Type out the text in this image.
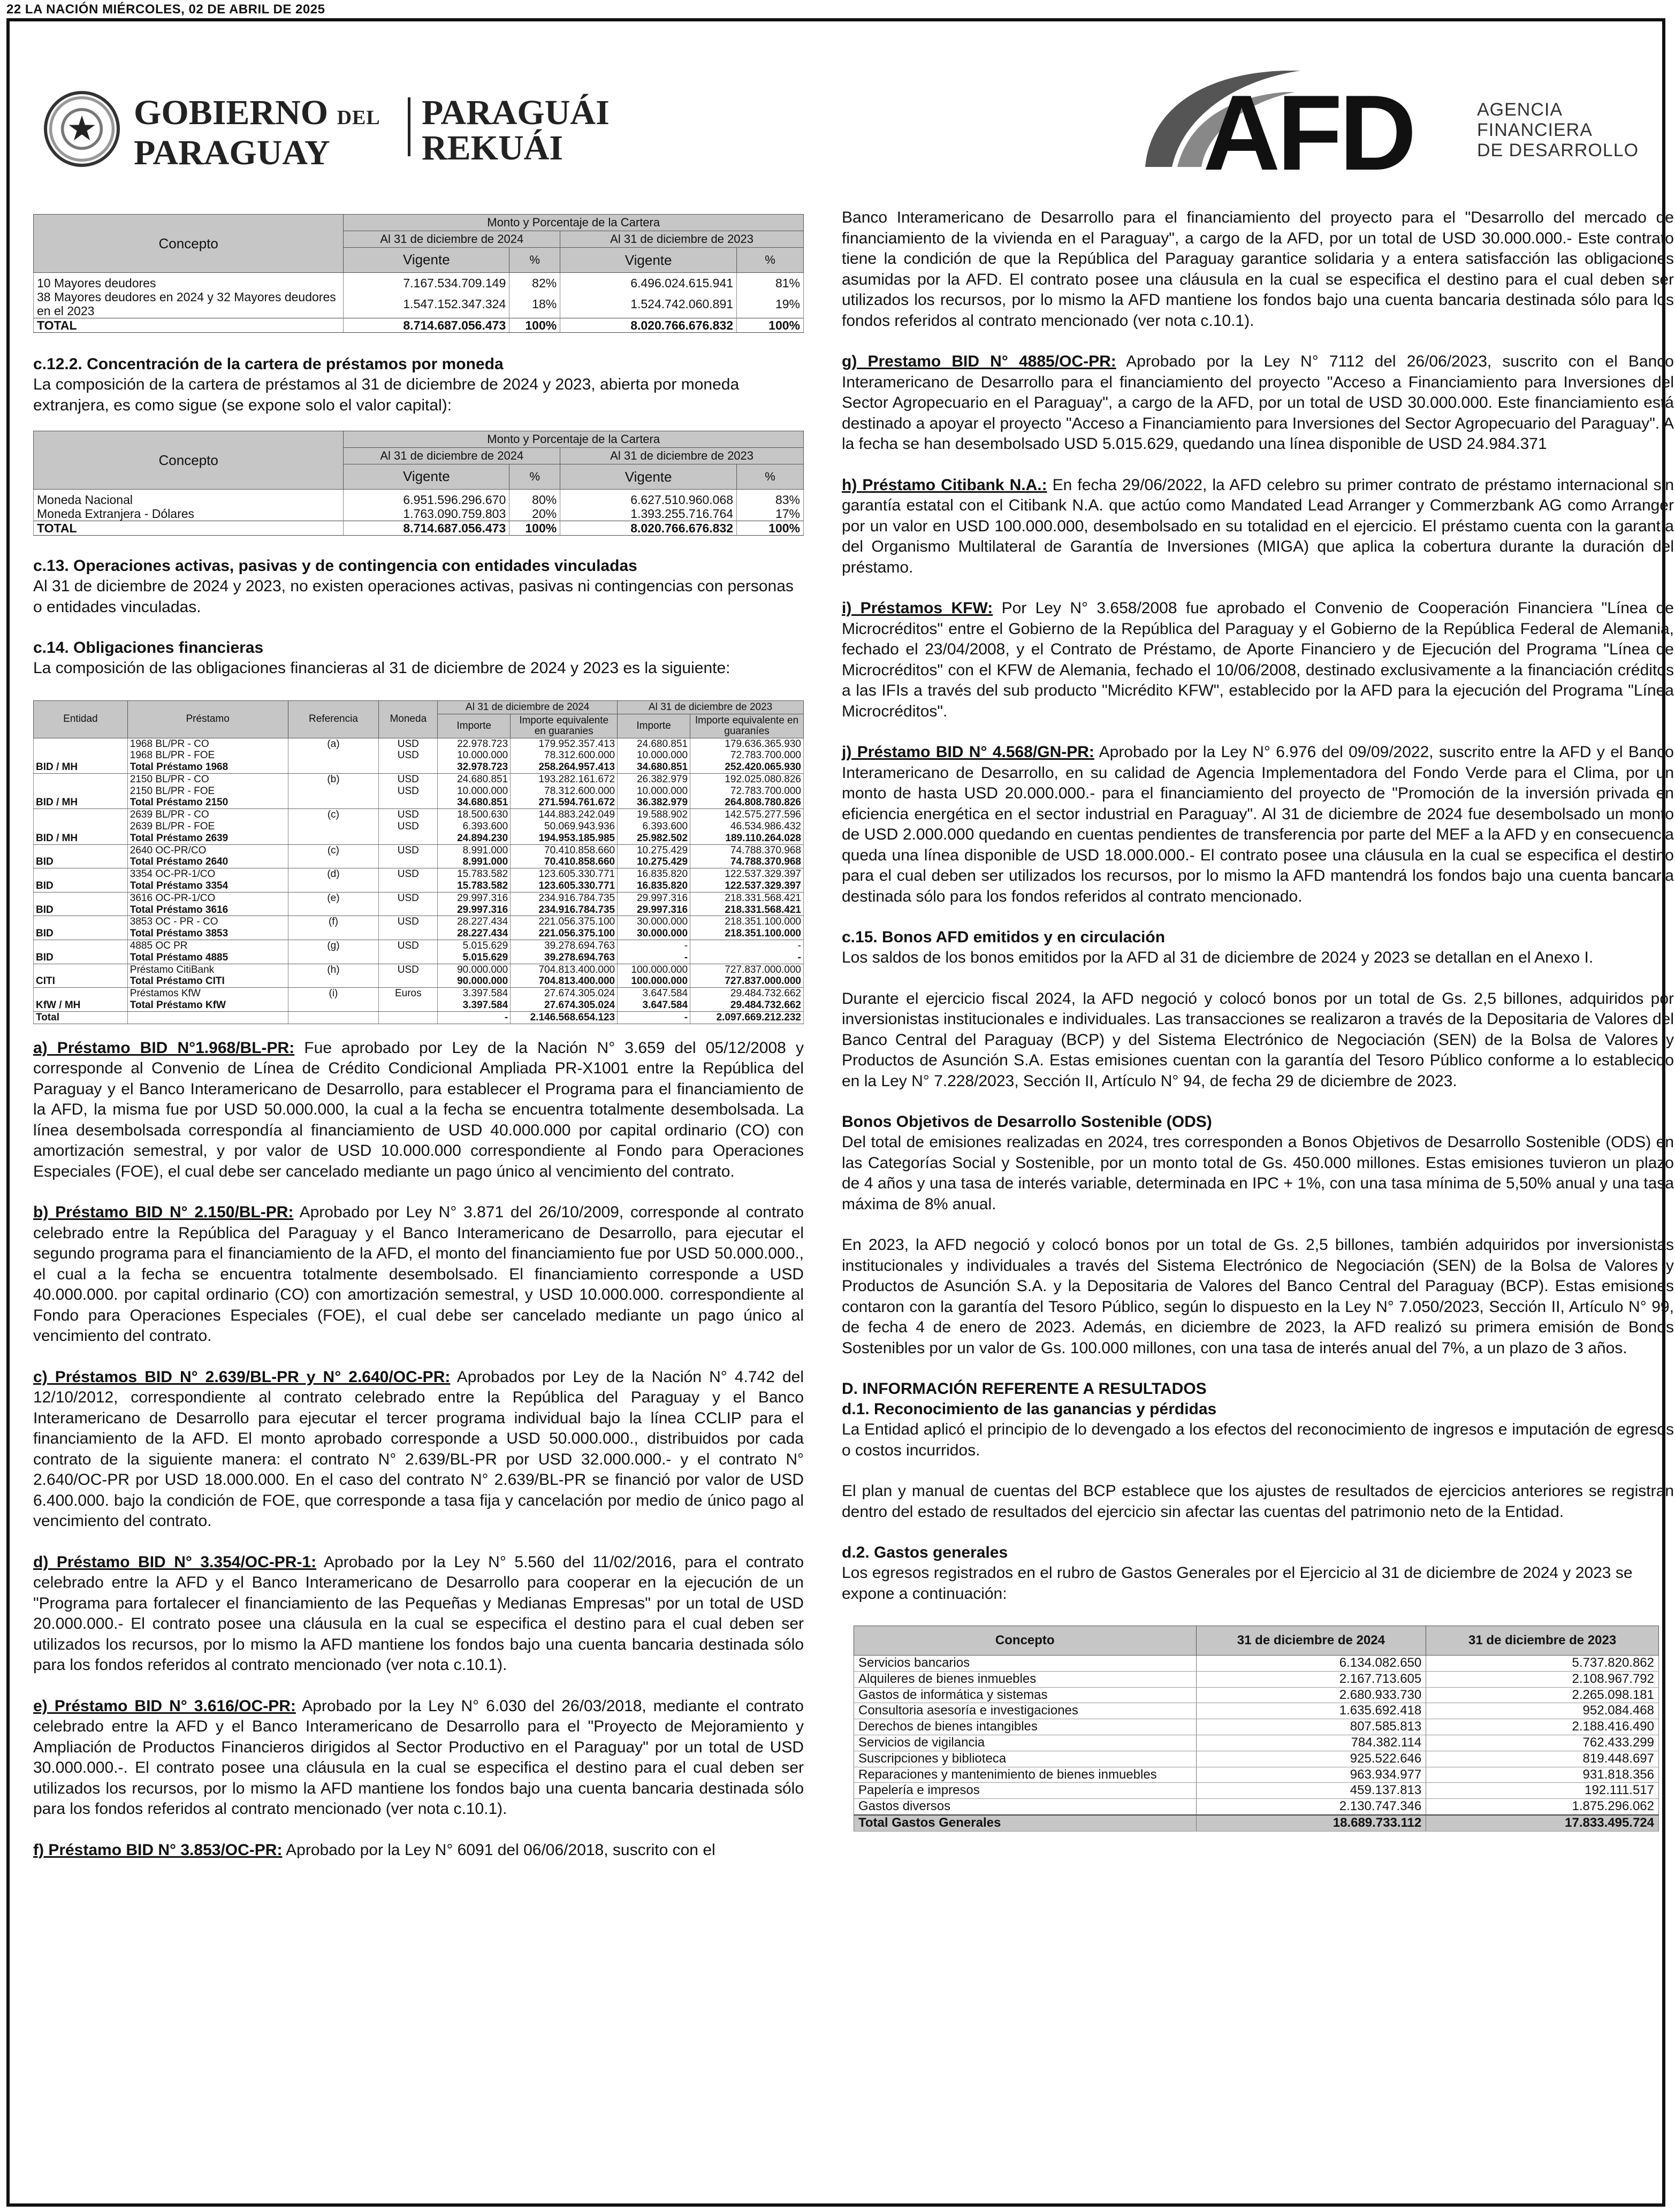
22 LA NACIÓN MIÉRCOLES, 02 DE ABRIL DE 2025
★	GOBIERNO DEL
PARAGUAY
PARAGUÁI
REKUÁI	AFD	AGENCIA
FINANCIERA
DE DESARROLLO
Concepto	Monto y Porcentaje de la Cartera			
	Al 31 de diciembre de 2024		Al 31 de diciembre de 2023	
	Vigente	%	Vigente	%
10 Mayores deudores	7.167.534.709.149	82%	6.496.024.615.941	81%
38 Mayores deudores en 2024 y 32 Mayores deudores en el 2023	1.547.152.347.324	18%	1.524.742.060.891	19%
TOTAL	8.714.687.056.473	100%	8.020.766.676.832	100%

c.12.2. Concentración de la cartera de préstamos por moneda

La composición de la cartera de préstamos al 31 de diciembre de 2024 y 2023, abierta por moneda extranjera, es como sigue (se expone solo el valor capital):

Concepto	Monto y Porcentaje de la Cartera			
	Al 31 de diciembre de 2024		Al 31 de diciembre de 2023	
	Vigente	%	Vigente	%
Moneda Nacional	6.951.596.296.670	80%	6.627.510.960.068	83%
Moneda Extranjera - Dólares	1.763.090.759.803	20%	1.393.255.716.764	17%
TOTAL	8.714.687.056.473	100%	8.020.766.676.832	100%

c.13. Operaciones activas, pasivas y de contingencia con entidades vinculadas

Al 31 de diciembre de 2024 y 2023, no existen operaciones activas, pasivas ni contingencias con personas o entidades vinculadas.

c.14. Obligaciones financieras

La composición de las obligaciones financieras al 31 de diciembre de 2024 y 2023 es la siguiente:

Entidad	Préstamo	Referencia	Moneda	Al 31 de diciembre de 2024		Al 31 de diciembre de 2023	
				Importe	Importe equivalente en guaranies	Importe	Importe equivalente en guaraníes
	1968 BL/PR - CO	(a)	USD	22.978.723	179.952.357.413	24.680.851	179.636.365.930
	1968 BL/PR - FOE		USD	10.000.000	78.312.600.000	10.000.000	72.783.700.000
BID / MH	Total Préstamo 1968			32.978.723	258.264.957.413	34.680.851	252.420.065.930
	2150 BL/PR - CO	(b)	USD	24.680.851	193.282.161.672	26.382.979	192.025.080.826
	2150 BL/PR - FOE		USD	10.000.000	78.312.600.000	10.000.000	72.783.700.000
BID / MH	Total Préstamo 2150			34.680.851	271.594.761.672	36.382.979	264.808.780.826
	2639 BL/PR - CO	(c)	USD	18.500.630	144.883.242.049	19.588.902	142.575.277.596
	2639 BL/PR - FOE		USD	6.393.600	50.069.943.936	6.393.600	46.534.986.432
BID / MH	Total Préstamo 2639			24.894.230	194.953.185.985	25.982.502	189.110.264.028
	2640 OC-PR/CO	(c)	USD	8.991.000	70.410.858.660	10.275.429	74.788.370.968
BID	Total Préstamo 2640			8.991.000	70.410.858.660	10.275.429	74.788.370.968
	3354 OC-PR-1/CO	(d)	USD	15.783.582	123.605.330.771	16.835.820	122.537.329.397
BID	Total Préstamo 3354			15.783.582	123.605.330.771	16.835.820	122.537.329.397
	3616 OC-PR-1/CO	(e)	USD	29.997.316	234.916.784.735	29.997.316	218.331.568.421
BID	Total Préstamo 3616			29.997.316	234.916.784.735	29.997.316	218.331.568.421
	3853 OC - PR - CO	(f)	USD	28.227.434	221.056.375.100	30.000.000	218.351.100.000
BID	Total Préstamo 3853			28.227.434	221.056.375.100	30.000.000	218.351.100.000
	4885 OC PR	(g)	USD	5.015.629	39.278.694.763	-	-
BID	Total Préstamo 4885			5.015.629	39.278.694.763	-	-
	Préstamo CitiBank	(h)	USD	90.000.000	704.813.400.000	100.000.000	727.837.000.000
CITI	Total Préstamo CITI			90.000.000	704.813.400.000	100.000.000	727.837.000.000
	Préstamos KfW	(i)	Euros	3.397.584	27.674.305.024	3.647.584	29.484.732.662
KfW / MH	Total Préstamo KfW			3.397.584	27.674.305.024	3.647.584	29.484.732.662
Total				-	2.146.568.654.123	-	2.097.669.212.232

a) Préstamo BID N°1.968/BL-PR: Fue aprobado por Ley de la Nación N° 3.659 del 05/12/2008 y corresponde al Convenio de Línea de Crédito Condicional Ampliada PR-X1001 entre la República del Paraguay y el Banco Interamericano de Desarrollo, para establecer el Programa para el financiamiento de la AFD, la misma fue por USD 50.000.000, la cual a la fecha se encuentra totalmente desembolsada. La línea desembolsada correspondía al financiamiento de USD 40.000.000 por capital ordinario (CO) con amortización semestral, y por valor de USD 10.000.000 correspondiente al Fondo para Operaciones Especiales (FOE), el cual debe ser cancelado mediante un pago único al vencimiento del contrato.

b) Préstamo BID N° 2.150/BL-PR: Aprobado por Ley N° 3.871 del 26/10/2009, corresponde al contrato celebrado entre la República del Paraguay y el Banco Interamericano de Desarrollo, para ejecutar el segundo programa para el financiamiento de la AFD, el monto del financiamiento fue por USD 50.000.000., el cual a la fecha se encuentra totalmente desembolsado. El financiamiento corresponde a USD 40.000.000. por capital ordinario (CO) con amortización semestral, y USD 10.000.000. correspondiente al Fondo para Operaciones Especiales (FOE), el cual debe ser cancelado mediante un pago único al vencimiento del contrato.

c) Préstamos BID N° 2.639/BL-PR y N° 2.640/OC-PR: Aprobados por Ley de la Nación N° 4.742 del 12/10/2012, correspondiente al contrato celebrado entre la República del Paraguay y el Banco Interamericano de Desarrollo para ejecutar el tercer programa individual bajo la línea CCLIP para el financiamiento de la AFD. El monto aprobado corresponde a USD 50.000.000., distribuidos por cada contrato de la siguiente manera: el contrato N° 2.639/BL-PR por USD 32.000.000.- y el contrato N° 2.640/OC-PR por USD 18.000.000. En el caso del contrato N° 2.639/BL-PR se financió por valor de USD 6.400.000. bajo la condición de FOE, que corresponde a tasa fija y cancelación por medio de único pago al vencimiento del contrato.

d) Préstamo BID N° 3.354/OC-PR-1: Aprobado por la Ley N° 5.560 del 11/02/2016, para el contrato celebrado entre la AFD y el Banco Interamericano de Desarrollo para cooperar en la ejecución de un "Programa para fortalecer el financiamiento de las Pequeñas y Medianas Empresas" por un total de USD 20.000.000.- El contrato posee una cláusula en la cual se especifica el destino para el cual deben ser utilizados los recursos, por lo mismo la AFD mantiene los fondos bajo una cuenta bancaria destinada sólo para los fondos referidos al contrato mencionado (ver nota c.10.1).

e) Préstamo BID N° 3.616/OC-PR: Aprobado por la Ley N° 6.030 del 26/03/2018, mediante el contrato celebrado entre la AFD y el Banco Interamericano de Desarrollo para el "Proyecto de Mejoramiento y Ampliación de Productos Financieros dirigidos al Sector Productivo en el Paraguay" por un total de USD 30.000.000.-. El contrato posee una cláusula en la cual se especifica el destino para el cual deben ser utilizados los recursos, por lo mismo la AFD mantiene los fondos bajo una cuenta bancaria destinada sólo para los fondos referidos al contrato mencionado (ver nota c.10.1).

f) Préstamo BID N° 3.853/OC-PR: Aprobado por la Ley N° 6091 del 06/06/2018, suscrito con el

Banco Interamericano de Desarrollo para el financiamiento del proyecto para el "Desarrollo del mercado de financiamiento de la vivienda en el Paraguay", a cargo de la AFD, por un total de USD 30.000.000.- Este contrato tiene la condición de que la República del Paraguay garantice solidaria y a entera satisfacción las obligaciones asumidas por la AFD. El contrato posee una cláusula en la cual se especifica el destino para el cual deben ser utilizados los recursos, por lo mismo la AFD mantiene los fondos bajo una cuenta bancaria destinada sólo para los fondos referidos al contrato mencionado (ver nota c.10.1).

g) Prestamo BID N° 4885/OC-PR: Aprobado por la Ley N° 7112 del 26/06/2023, suscrito con el Banco Interamericano de Desarrollo para el financiamiento del proyecto "Acceso a Financiamiento para Inversiones del Sector Agropecuario en el Paraguay", a cargo de la AFD, por un total de USD 30.000.000. Este financiamiento está destinado a apoyar el proyecto "Acceso a Financiamiento para Inversiones del Sector Agropecuario del Paraguay". A la fecha se han desembolsado USD 5.015.629, quedando una línea disponible de USD 24.984.371

h) Préstamo Citibank N.A.: En fecha 29/06/2022, la AFD celebro su primer contrato de préstamo internacional sin garantía estatal con el Citibank N.A. que actúo como Mandated Lead Arranger y Commerzbank AG como Arranger por un valor en USD 100.000.000, desembolsado en su totalidad en el ejercicio. El préstamo cuenta con la garantía del Organismo Multilateral de Garantía de Inversiones (MIGA) que aplica la cobertura durante la duración del préstamo.

i) Préstamos KFW: Por Ley N° 3.658/2008 fue aprobado el Convenio de Cooperación Financiera "Línea de Microcréditos" entre el Gobierno de la República del Paraguay y el Gobierno de la República Federal de Alemania, fechado el 23/04/2008, y el Contrato de Préstamo, de Aporte Financiero y de Ejecución del Programa "Línea de Microcréditos" con el KFW de Alemania, fechado el 10/06/2008, destinado exclusivamente a la financiación créditos a las IFIs a través del sub producto "Micrédito KFW", establecido por la AFD para la ejecución del Programa "Línea Microcréditos".

j) Préstamo BID N° 4.568/GN-PR: Aprobado por la Ley N° 6.976 del 09/09/2022, suscrito entre la AFD y el Banco Interamericano de Desarrollo, en su calidad de Agencia Implementadora del Fondo Verde para el Clima, por un monto de hasta USD 20.000.000.- para el financiamiento del proyecto de "Promoción de la inversión privada en eficiencia energética en el sector industrial en Paraguay". Al 31 de diciembre de 2024 fue desembolsado un monto de USD 2.000.000 quedando en cuentas pendientes de transferencia por parte del MEF a la AFD y en consecuencia queda una línea disponible de USD 18.000.000.- El contrato posee una cláusula en la cual se especifica el destino para el cual deben ser utilizados los recursos, por lo mismo la AFD mantendrá los fondos bajo una cuenta bancaria destinada sólo para los fondos referidos al contrato mencionado.

c.15. Bonos AFD emitidos y en circulación

Los saldos de los bonos emitidos por la AFD al 31 de diciembre de 2024 y 2023 se detallan en el Anexo I.

Durante el ejercicio fiscal 2024, la AFD negoció y colocó bonos por un total de Gs. 2,5 billones, adquiridos por inversionistas institucionales e individuales. Las transacciones se realizaron a través de la Depositaria de Valores del Banco Central del Paraguay (BCP) y del Sistema Electrónico de Negociación (SEN) de la Bolsa de Valores y Productos de Asunción S.A. Estas emisiones cuentan con la garantía del Tesoro Público conforme a lo establecido en la Ley N° 7.228/2023, Sección II, Artículo N° 94, de fecha 29 de diciembre de 2023.

Bonos Objetivos de Desarrollo Sostenible (ODS)

Del total de emisiones realizadas en 2024, tres corresponden a Bonos Objetivos de Desarrollo Sostenible (ODS) en las Categorías Social y Sostenible, por un monto total de Gs. 450.000 millones. Estas emisiones tuvieron un plazo de 4 años y una tasa de interés variable, determinada en IPC + 1%, con una tasa mínima de 5,50% anual y una tasa máxima de 8% anual.

En 2023, la AFD negoció y colocó bonos por un total de Gs. 2,5 billones, también adquiridos por inversionistas institucionales y individuales a través del Sistema Electrónico de Negociación (SEN) de la Bolsa de Valores y Productos de Asunción S.A. y la Depositaria de Valores del Banco Central del Paraguay (BCP). Estas emisiones contaron con la garantía del Tesoro Público, según lo dispuesto en la Ley N° 7.050/2023, Sección II, Artículo N° 99, de fecha 4 de enero de 2023. Además, en diciembre de 2023, la AFD realizó su primera emisión de Bonos Sostenibles por un valor de Gs. 100.000 millones, con una tasa de interés anual del 7%, a un plazo de 3 años.

D. INFORMACIÓN REFERENTE A RESULTADOS

d.1. Reconocimiento de las ganancias y pérdidas

La Entidad aplicó el principio de lo devengado a los efectos del reconocimiento de ingresos e imputación de egresos o costos incurridos.

El plan y manual de cuentas del BCP establece que los ajustes de resultados de ejercicios anteriores se registran dentro del estado de resultados del ejercicio sin afectar las cuentas del patrimonio neto de la Entidad.

d.2. Gastos generales

Los egresos registrados en el rubro de Gastos Generales por el Ejercicio al 31 de diciembre de 2024 y 2023 se expone a continuación:

Concepto	31 de diciembre de 2024	31 de diciembre de 2023
Servicios bancarios	6.134.082.650	5.737.820.862
Alquileres de bienes inmuebles	2.167.713.605	2.108.967.792
Gastos de informática y sistemas	2.680.933.730	2.265.098.181
Consultoria asesoría e investigaciones	1.635.692.418	952.084.468
Derechos de bienes intangibles	807.585.813	2.188.416.490
Servicios de vigilancia	784.382.114	762.433.299
Suscripciones y biblioteca	925.522.646	819.448.697
Reparaciones y mantenimiento de bienes inmuebles	963.934.977	931.818.356
Papelería e impresos	459.137.813	192.111.517
Gastos diversos	2.130.747.346	1.875.296.062
Total Gastos Generales	18.689.733.112	17.833.495.724
